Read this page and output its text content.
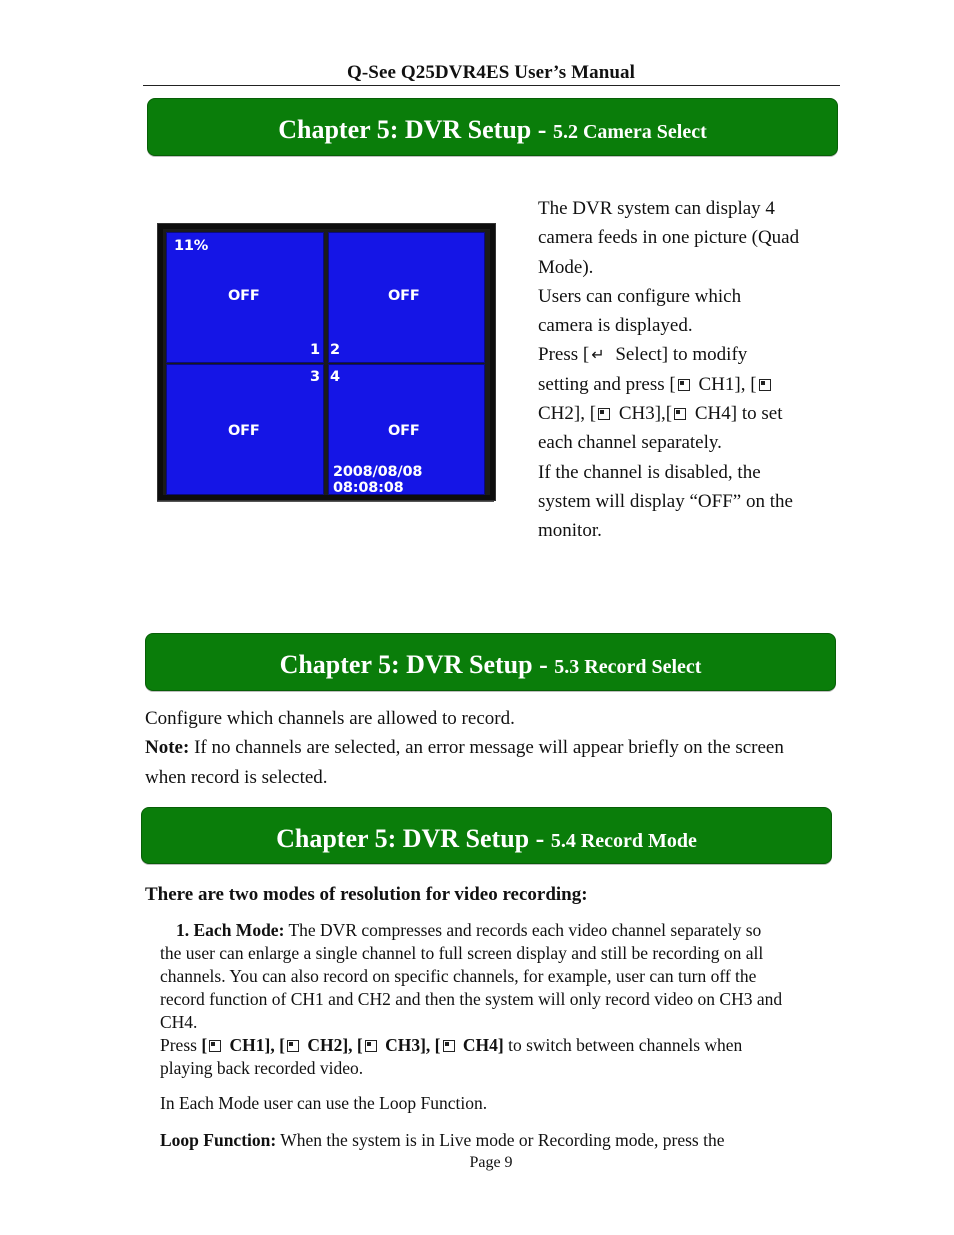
Q-See Q25DVR4ES User’s Manual
Chapter 5: DVR Setup - 5.2 Camera Select
11%
OFF	OFF
OFF	OFF
1 2
3 4
2008/08/08 08:08:08
The DVR system can display 4
camera feeds in one picture (Quad
Mode).
Users can configure which
camera is displayed.
Press [ ↵ Select] to modify
setting and press [ CH1], [
CH2], [ CH3],[ CH4] to set
each channel separately.
If the channel is disabled, the
system will display “OFF” on the
monitor.
Chapter 5: DVR Setup - 5.3 Record Select
Configure which channels are allowed to record.
Note: If no channels are selected, an error message will appear briefly on the screen
when record is selected.
Chapter 5: DVR Setup - 5.4 Record Mode
There are two modes of resolution for video recording:
1. Each Mode: The DVR compresses and records each video channel separately so
the user can enlarge a single channel to full screen display and still be recording on all
channels. You can also record on specific channels, for example, user can turn off the
record function of CH1 and CH2 and then the system will only record video on CH3 and
CH4.
Press [ CH1], [ CH2], [ CH3], [ CH4] to switch between channels when
playing back recorded video.
In Each Mode user can use the Loop Function.
Loop Function: When the system is in Live mode or Recording mode, press the
Page 9
